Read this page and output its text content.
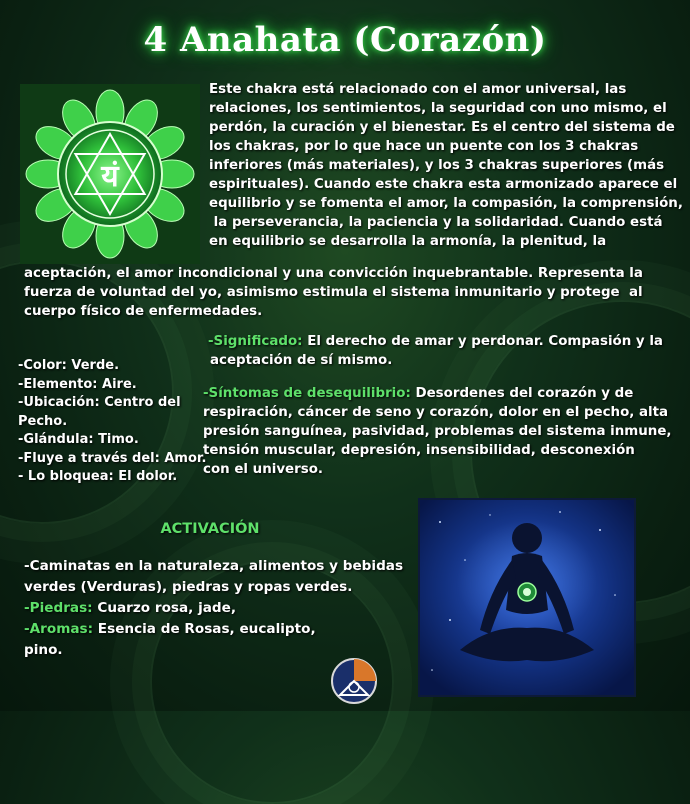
4 Anahata (Corazón)
यं

Este chakra está relacionado con el amor universal, las

relaciones, los sentimientos, la seguridad con uno mismo, el

perdón, la curación y el bienestar. Es el centro del sistema de

los chakras, por lo que hace un puente con los 3 chakras

inferiores (más materiales), y los 3 chakras superiores (más

espirituales). Cuando este chakra esta armonizado aparece el

equilibrio y se fomenta el amor, la compasión, la comprensión,

la perseverancia, la paciencia y la solidaridad. Cuando está

en equilibrio se desarrolla la armonía, la plenitud, la

aceptación, el amor incondicional y una convicción inquebrantable. Representa la

fuerza de voluntad del yo, asimismo estimula el sistema inmunitario y protege  al

cuerpo físico de enfermedades.

-Color: Verde.

-Elemento: Aire.

-Ubicación: Centro del

Pecho.

-Glándula: Timo.

-Fluye a través del: Amor.

- Lo bloquea: El dolor.

-Significado: El derecho de amar y perdonar. Compasión y la

aceptación de sí mismo.

-Síntomas de desequilibrio: Desordenes del corazón y de

respiración, cáncer de seno y corazón, dolor en el pecho, alta

presión sanguínea, pasividad, problemas del sistema inmune,

tensión muscular, depresión, insensibilidad, desconexión

con el universo.

ACTIVACIÓN

-Caminatas en la naturaleza, alimentos y bebidas

verdes (Verduras), piedras y ropas verdes.

-Piedras: Cuarzo rosa, jade,

-Aromas: Esencia de Rosas, eucalipto,

pino.
